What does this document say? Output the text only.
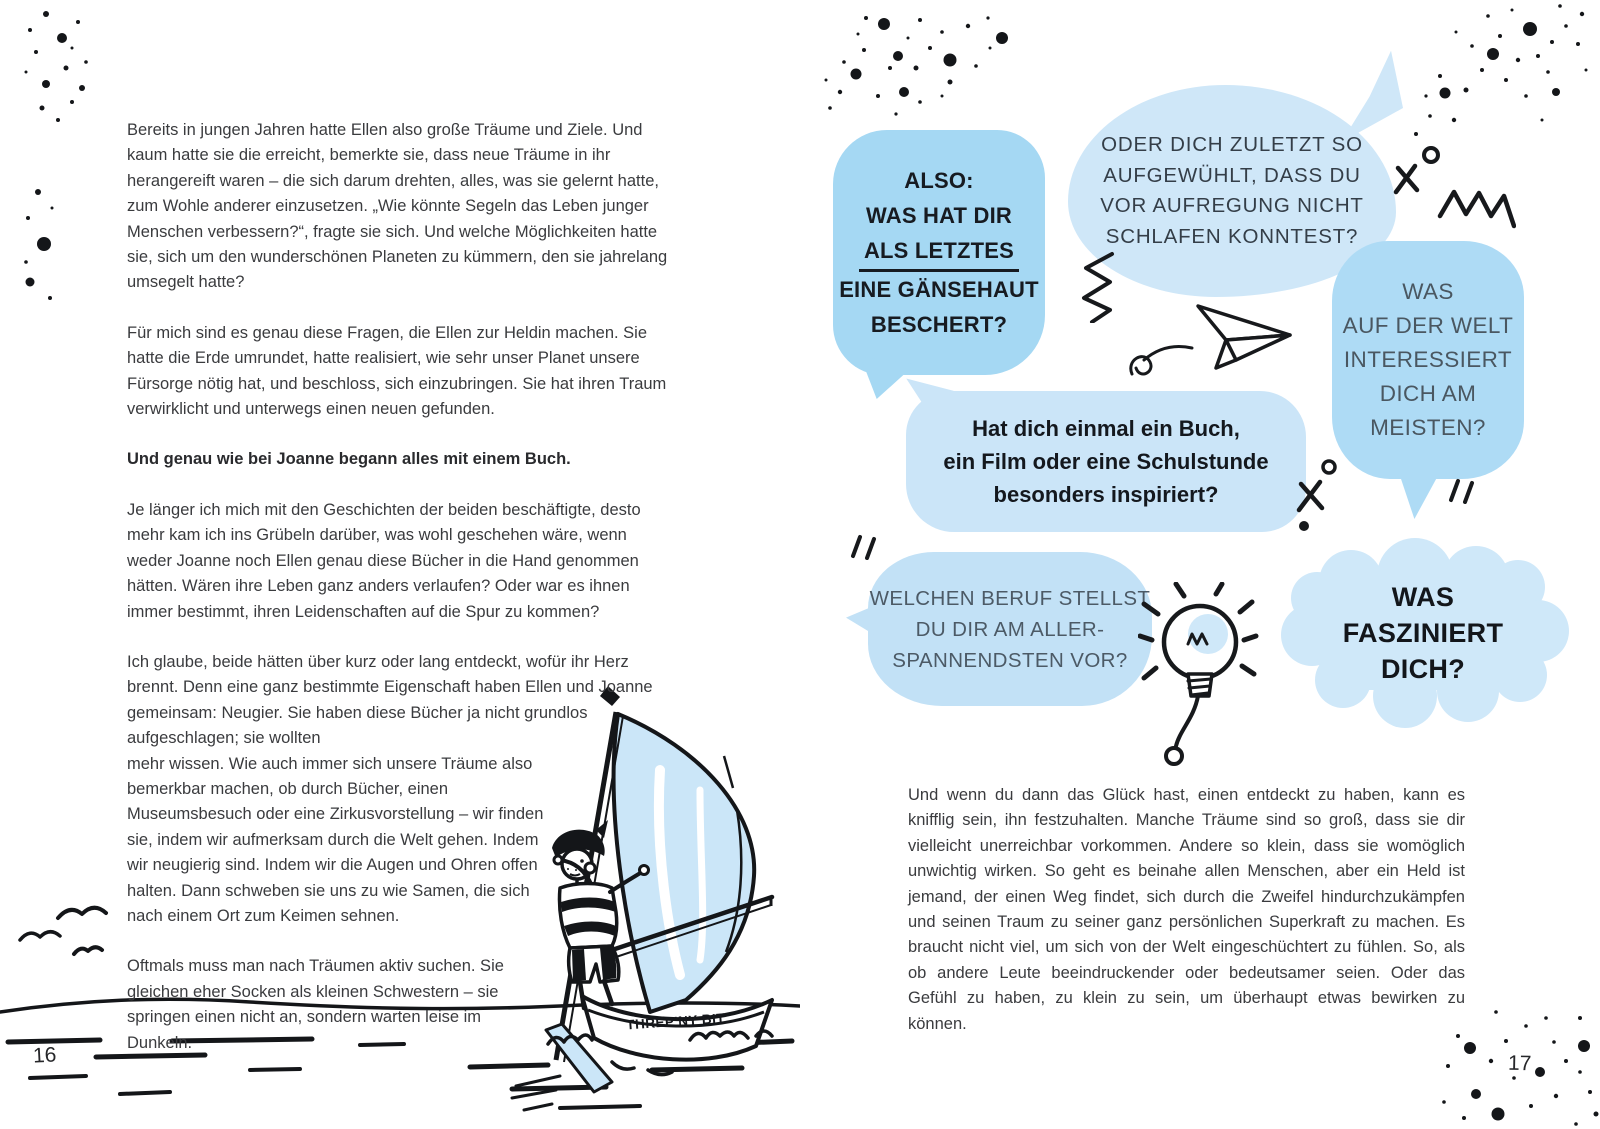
Bereits in jungen Jahren hatte Ellen also große Träume und Ziele. Und kaum hatte sie die erreicht, bemerkte sie, dass neue Träume in ihr herangereift waren – die sich darum drehten, alles, was sie gelernt hatte, zum Wohle anderer einzusetzen. „Wie könnte Segeln das Leben junger Menschen verbessern?“, fragte sie sich. Und welche Möglichkeiten hatte sie, sich um den wunderschönen Planeten zu kümmern, den sie jahrelang umsegelt hatte?

Für mich sind es genau diese Fragen, die Ellen zur Heldin machen. Sie hatte die Erde umrundet, hatte realisiert, wie sehr unser Planet unsere Fürsorge nötig hat, und beschloss, sich einzubringen. Sie hat ihren Traum verwirklicht und unterwegs einen neuen gefunden.

Und genau wie bei Joanne begann alles mit einem Buch.

Je länger ich mich mit den Geschichten der beiden beschäftigte, desto mehr kam ich ins Grübeln darüber, was wohl geschehen wäre, wenn weder Joanne noch Ellen genau diese Bücher in die Hand genommen hätten. Wären ihre Leben ganz anders verlaufen? Oder war es ihnen immer bestimmt, ihren Leidenschaften auf die Spur zu kommen?

Ich glaube, beide hätten über kurz oder lang entdeckt, wofür ihr Herz brennt. Denn eine ganz bestimmte Eigenschaft haben Ellen und Joanne gemeinsam: Neugier. Sie haben diese Bücher ja nicht grundlos aufgeschlagen; sie wollten

mehr wissen. Wie auch immer sich unsere Träume also bemerkbar machen, ob durch Bücher, einen Museumsbesuch oder eine Zirkusvorstellung – wir finden sie, indem wir aufmerksam durch die Welt gehen. Indem wir neugierig sind. Indem wir die Augen und Ohren offen halten. Dann schweben sie uns zu wie Samen, die sich nach einem Ort zum Keimen sehnen.

Oftmals muss man nach Träumen aktiv suchen. Sie gleichen eher Socken als kleinen Schwestern – sie springen einen nicht an, sondern warten leise im Dunkeln.

16
THREP'NY BIT
ALSO:
WAS HAT DIR
ALS LETZTES
EINE GÄNSEHAUT
BESCHERT?
ODER DICH ZULETZT SO
AUFGEWÜHLT, DASS DU
VOR AUFREGUNG NICHT
SCHLAFEN KONNTEST?
WAS
AUF DER WELT
INTERESSIERT
DICH AM
MEISTEN?
Hat dich einmal ein Buch,
ein Film oder eine Schulstunde
besonders inspiriert?
WELCHEN BERUF STELLST
DU DIR AM ALLER-
SPANNENDSTEN VOR?
WAS
FASZINIERT
DICH?
Und wenn du dann das Glück hast, einen entdeckt zu haben, kann es knifflig sein, ihn festzuhalten. Manche Träume sind so groß, dass sie dir vielleicht unerreichbar vorkommen. Andere so klein, dass sie womöglich unwichtig wirken. So geht es beinahe allen Menschen, aber ein Held ist jemand, der einen Weg findet, sich durch die Zweifel hindurchzukämpfen und seinen Traum zu seiner ganz persönlichen Superkraft zu machen. Es braucht nicht viel, um sich von der Welt eingeschüchtert zu fühlen. So, als ob andere Leute beeindruckender oder bedeutsamer seien. Oder das Gefühl zu haben, zu klein zu sein, um überhaupt etwas bewirken zu können.
17
